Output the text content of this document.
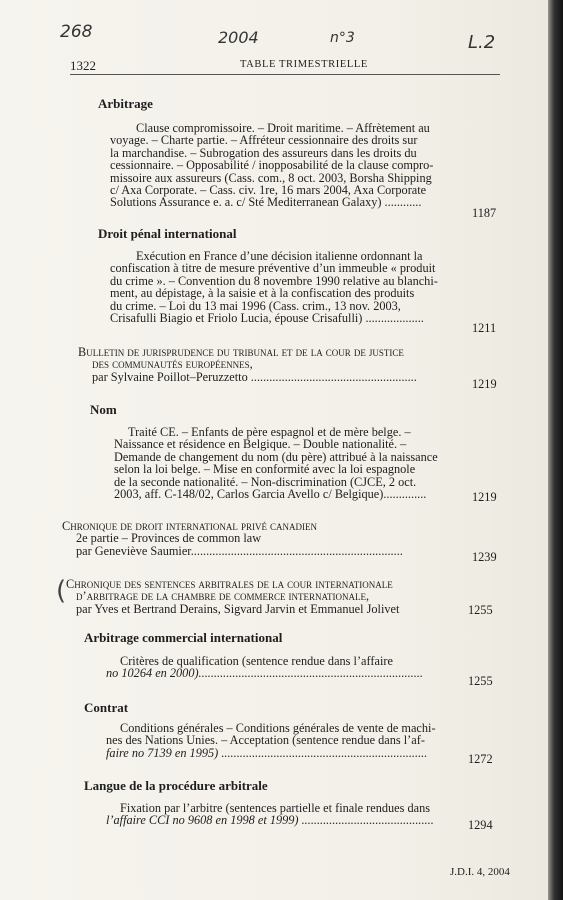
268	2004	n°3	L.2
1322	TABLE TRIMESTRIELLE
Arbitrage
Clause compromissoire. – Droit maritime. – Affrètement au
voyage. – Charte partie. – Affréteur cessionnaire des droits sur
la marchandise. – Subrogation des assureurs dans les droits du
cessionnaire. – Opposabilité / inopposabilité de la clause compro-
missoire aux assureurs (Cass. com., 8 oct. 2003, Borsha Shipping
c/ Axa Corporate. – Cass. civ. 1re, 16 mars 2004, Axa Corporate
Solutions Assurance e. a. c/ Sté Mediterranean Galaxy) ............
1187
Droit pénal international
Exécution en France d’une décision italienne ordonnant la
confiscation à titre de mesure préventive d’un immeuble « produit
du crime ». – Convention du 8 novembre 1990 relative au blanchi-
ment, au dépistage, à la saisie et à la confiscation des produits
du crime. – Loi du 13 mai 1996 (Cass. crim., 13 nov. 2003,
Crisafulli Biagio et Friolo Lucia, épouse Crisafulli) ...................
1211
Bulletin de jurisprudence du tribunal et de la cour de justice
des communautés européennes,
par Sylvaine Poillot–Peruzzetto ......................................................
1219
Nom
Traité CE. – Enfants de père espagnol et de mère belge. –
Naissance et résidence en Belgique. – Double nationalité. –
Demande de changement du nom (du père) attribué à la naissance
selon la loi belge. – Mise en conformité avec la loi espagnole
de la seconde nationalité. – Non-discrimination (CJCE, 2 oct.
2003, aff. C-148/02, Carlos Garcia Avello c/ Belgique)..............	1219
Chronique de droit international privé canadien
2e partie – Provinces de common law
par Geneviève Saumier.....................................................................	1239
( Chronique des sentences arbitrales de la cour internationale
d’arbitrage de la chambre de commerce internationale,
par Yves et Bertrand Derains, Sigvard Jarvin et Emmanuel Jolivet	1255
Arbitrage commercial international
Critères de qualification (sentence rendue dans l’affaire
no 10264 en 2000).........................................................................
1255
Contrat
Conditions générales – Conditions générales de vente de machi-
nes des Nations Unies. – Acceptation (sentence rendue dans l’af-
faire no 7139 en 1995) ...................................................................	1272
Langue de la procédure arbitrale
Fixation par l’arbitre (sentences partielle et finale rendues dans
l’affaire CCI no 9608 en 1998 et 1999) ...........................................	1294
J.D.I. 4, 2004
